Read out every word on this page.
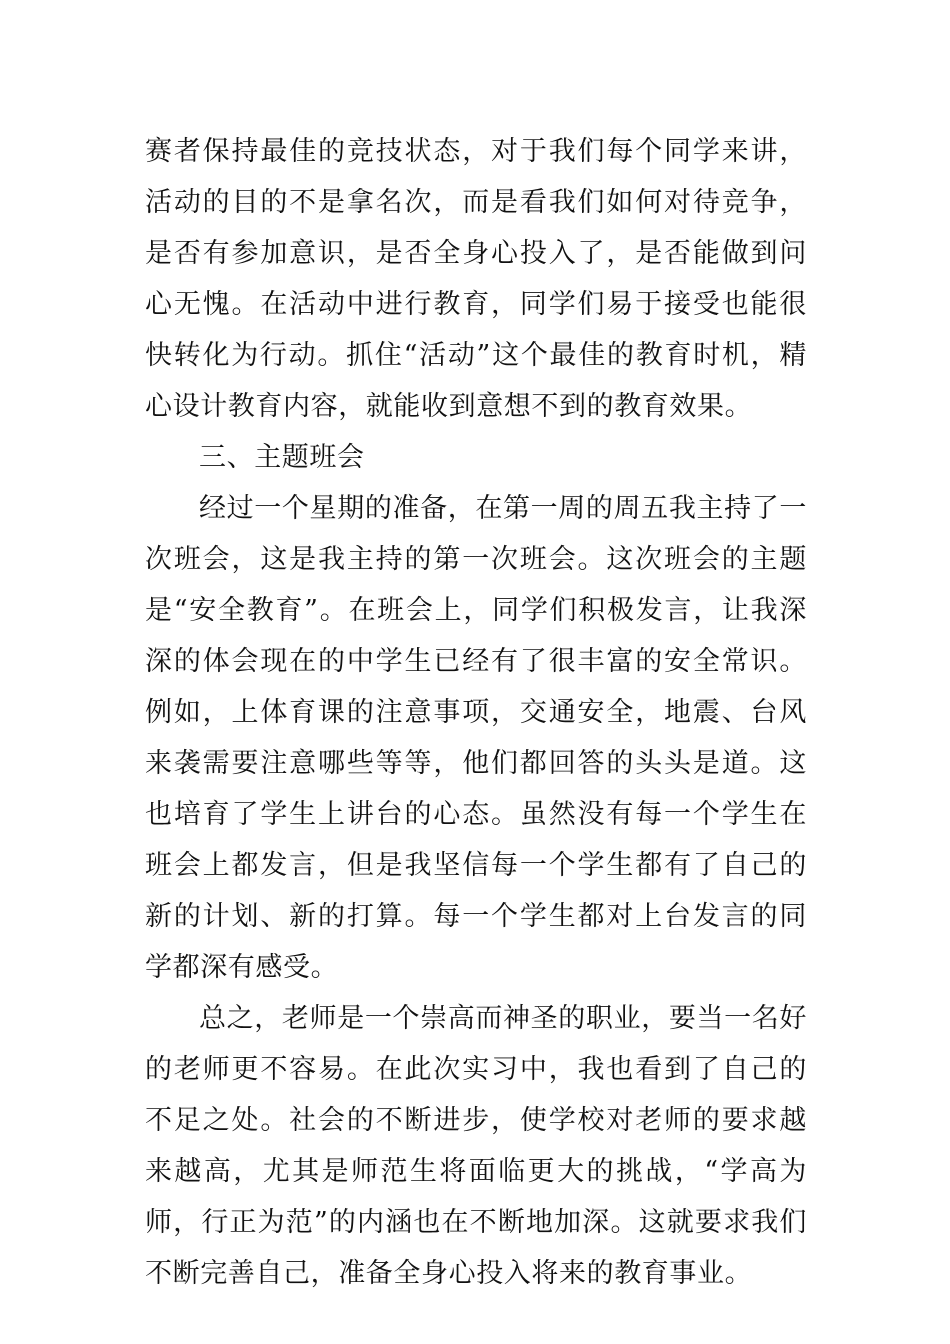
赛者保持最佳的竞技状态，对于我们每个同学来讲，活动的目的不是拿名次，而是看我们如何对待竞争，是否有参加意识，是否全身心投入了，是否能做到问心无愧。在活动中进行教育，同学们易于接受也能很快转化为行动。抓住“活动”这个最佳的教育时机，精心设计教育内容，就能收到意想不到的教育效果。

三、主题班会

经过一个星期的准备，在第一周的周五我主持了一次班会，这是我主持的第一次班会。这次班会的主题是“安全教育”。在班会上，同学们积极发言，让我深深的体会现在的中学生已经有了很丰富的安全常识。例如，上体育课的注意事项，交通安全，地震、台风来袭需要注意哪些等等，他们都回答的头头是道。这也培育了学生上讲台的心态。虽然没有每一个学生在班会上都发言，但是我坚信每一个学生都有了自己的新的计划、新的打算。每一个学生都对上台发言的同学都深有感受。

总之，老师是一个崇高而神圣的职业，要当一名好的老师更不容易。在此次实习中，我也看到了自己的不足之处。社会的不断进步，使学校对老师的要求越来越高，尤其是师范生将面临更大的挑战，“学高为师，行正为范”的内涵也在不断地加深。这就要求我们不断完善自己，准备全身心投入将来的教育事业。
